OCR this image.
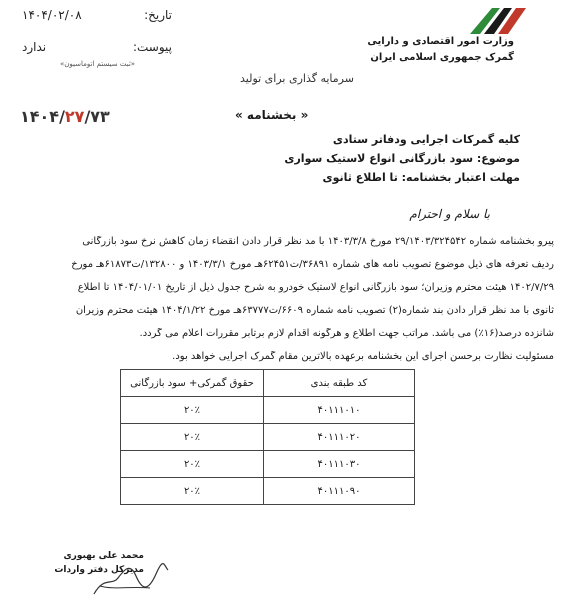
تاریخ:
۱۴۰۴/۰۲/۰۸
پیوست:
ندارد
«ثبت سیستم اتوماسیون»
وزارت امور اقتصادی و دارایی
گمرک جمهوری اسلامی ایران
سرمایه گذاری برای تولید
۱۴۰۴/۲۷/۷۳	« بخشنامه »
کلیه گمرکات اجرایی ودفاتر ستادی
موضوع: سود بازرگانی انواع لاستیک سواری
مهلت اعتبار بخشنامه: تا اطلاع ثانوی
با سلام و احترام
پیرو بخشنامه شماره ۲۹/۱۴۰۳/۳۲۴۵۴۲ مورخ ۱۴۰۳/۳/۸ با مد نظر قرار دادن انقضاء زمان کاهش نرخ سود بازرگانی
ردیف تعرفه های ذیل موضوع تصویب نامه های شماره ۳۶۸۹۱/ت۶۲۴۵۱هـ مورخ ۱۴۰۳/۳/۱ و ۱۳۲۸۰۰/ت۶۱۸۷۳هـ مورخ
۱۴۰۲/۷/۲۹ هیئت محترم وزیران؛ سود بازرگانی انواع لاستیک خودرو به شرح جدول ذیل از تاریخ ۱۴۰۴/۰۱/۰۱ تا اطلاع
ثانوی با مد نظر قرار دادن بند شماره(۲) تصویب نامه شماره ۶۶۰۹/ت۶۳۷۷۷هـ مورخ ۱۴۰۴/۱/۲۲ هیئت محترم وزیران
شانزده درصد(۱۶٪) می باشد. مراتب جهت اطلاع و هرگونه اقدام لازم برتابر مقررات اعلام می گردد.
مسئولیت نظارت برحسن اجرای این بخشنامه برعهده بالاترین مقام گمرک اجرایی خواهد بود.
کد طبقه بندی	حقوق گمرکی+ سود بازرگانی
۴۰۱۱۱۰۱۰	۲۰٪
۴۰۱۱۱۰۲۰	۲۰٪
۴۰۱۱۱۰۳۰	۲۰٪
۴۰۱۱۱۰۹۰	۲۰٪
محمد علی بهبوری
مدیرکل دفتر واردات
